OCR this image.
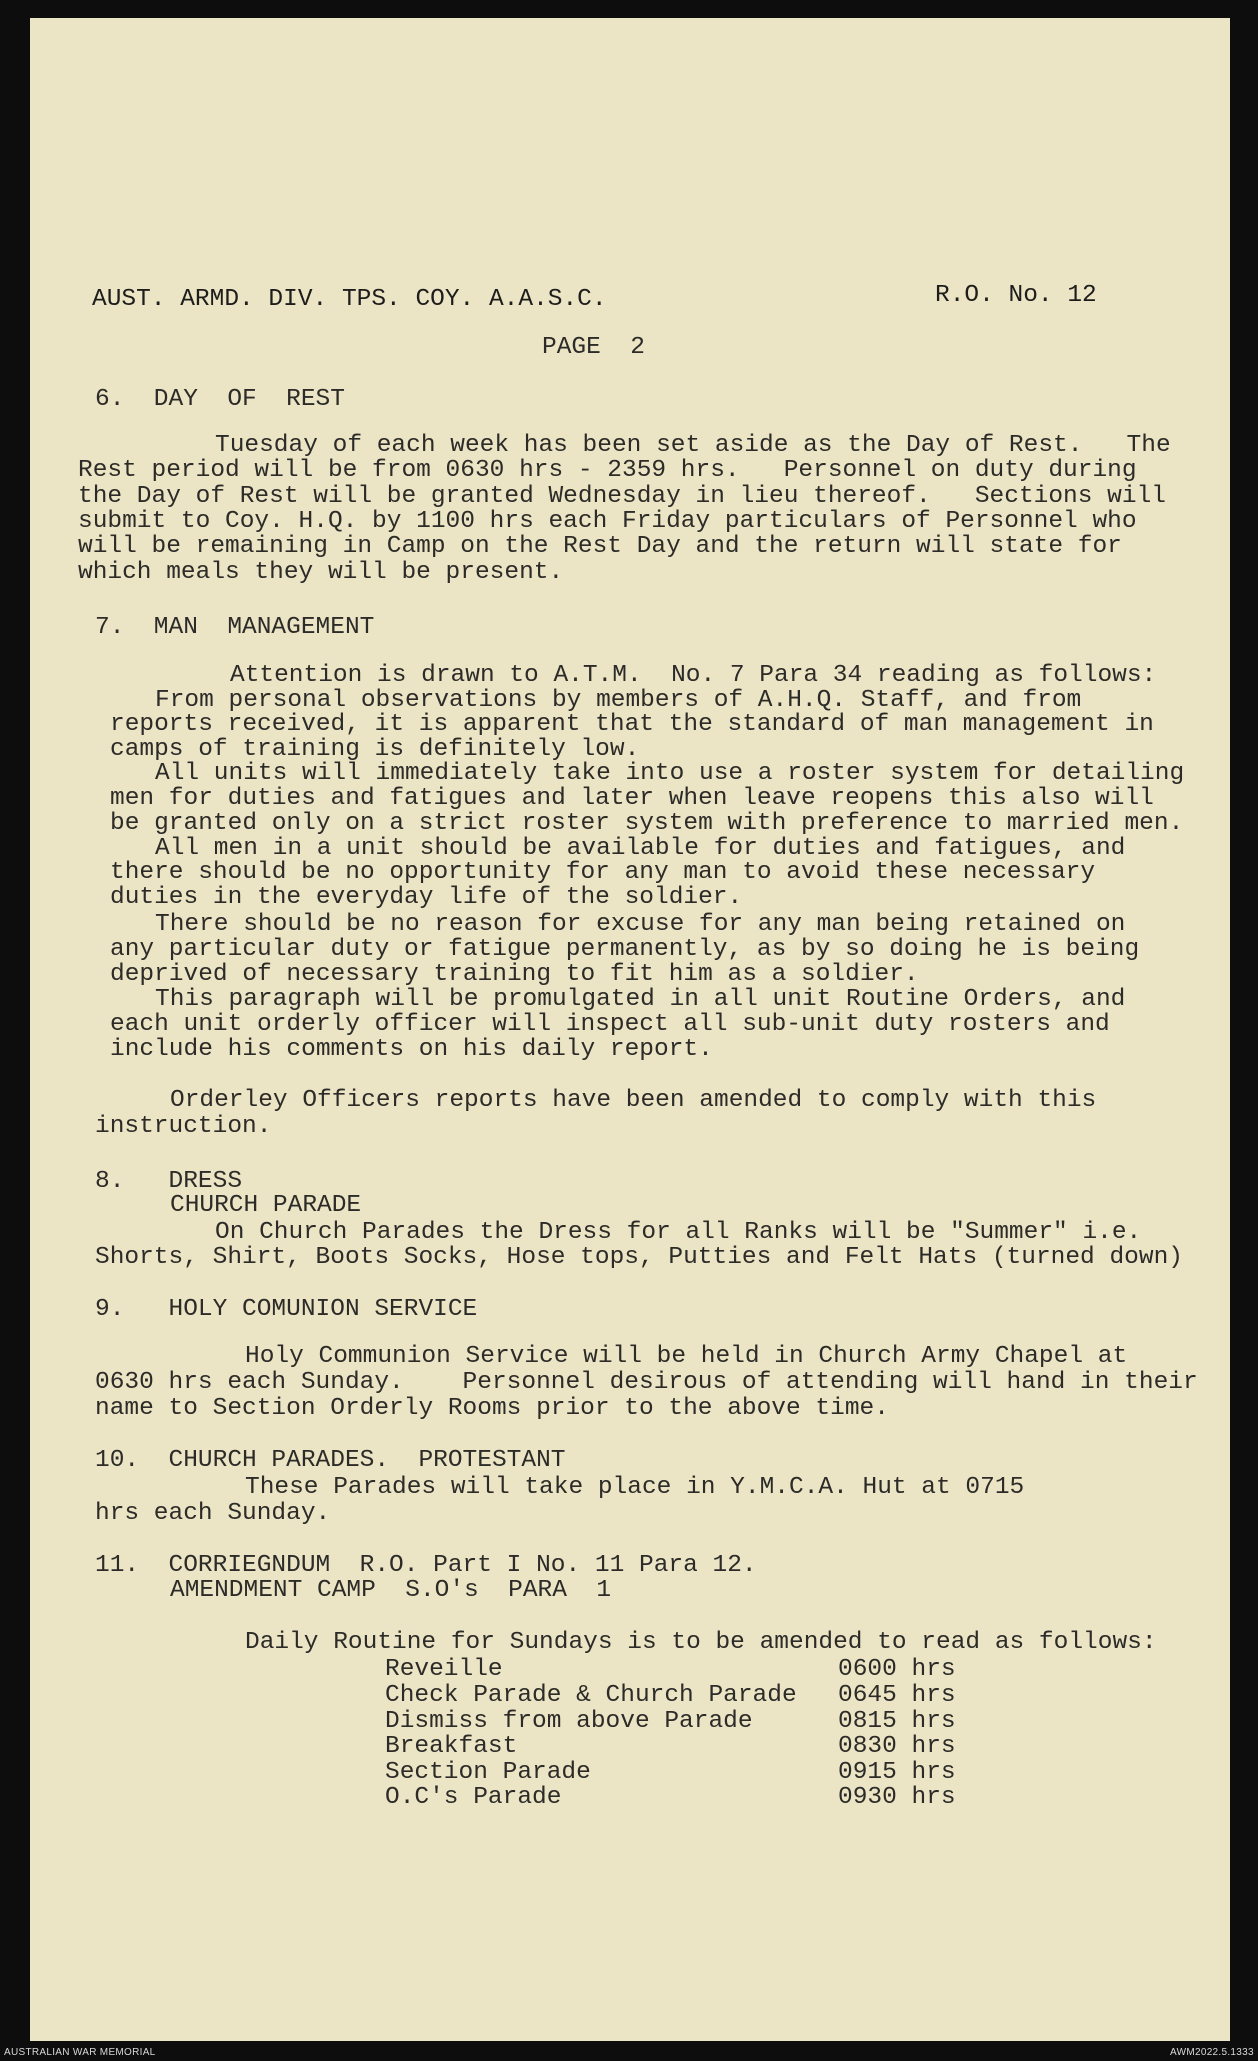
AUST. ARMD. DIV. TPS. COY. A.A.S.C.	R.O. No. 12
PAGE  2
6.  DAY  OF  REST
Tuesday of each week has been set aside as the Day of Rest.   The
Rest period will be from 0630 hrs - 2359 hrs.   Personnel on duty during
the Day of Rest will be granted Wednesday in lieu thereof.   Sections will
submit to Coy. H.Q. by 1100 hrs each Friday particulars of Personnel who
will be remaining in Camp on the Rest Day and the return will state for
which meals they will be present.
7.  MAN  MANAGEMENT
Attention is drawn to A.T.M.  No. 7 Para 34 reading as follows:
From personal observations by members of A.H.Q. Staff, and from
reports received, it is apparent that the standard of man management in
camps of training is definitely low.
All units will immediately take into use a roster system for detailing
men for duties and fatigues and later when leave reopens this also will
be granted only on a strict roster system with preference to married men.
All men in a unit should be available for duties and fatigues, and
there should be no opportunity for any man to avoid these necessary
duties in the everyday life of the soldier.
There should be no reason for excuse for any man being retained on
any particular duty or fatigue permanently, as by so doing he is being
deprived of necessary training to fit him as a soldier.
This paragraph will be promulgated in all unit Routine Orders, and
each unit orderly officer will inspect all sub-unit duty rosters and
include his comments on his daily report.
Orderley Officers reports have been amended to comply with this
instruction.
8.   DRESS
CHURCH PARADE
On Church Parades the Dress for all Ranks will be "Summer" i.e.
Shorts, Shirt, Boots Socks, Hose tops, Putties and Felt Hats (turned down)
9.   HOLY COMUNION SERVICE
Holy Communion Service will be held in Church Army Chapel at
0630 hrs each Sunday.    Personnel desirous of attending will hand in their
name to Section Orderly Rooms prior to the above time.
10.  CHURCH PARADES.  PROTESTANT
These Parades will take place in Y.M.C.A. Hut at 0715
hrs each Sunday.
11.  CORRIEGNDUM  R.O. Part I No. 11 Para 12.
AMENDMENT CAMP  S.O's  PARA  1
Daily Routine for Sundays is to be amended to read as follows:
Reveille	0600 hrs
Check Parade & Church Parade 0645 hrs
Dismiss from above Parade	0815 hrs
Breakfast	0830 hrs
Section Parade	0915 hrs
O.C's Parade	0930 hrs
AUSTRALIAN WAR MEMORIAL	AWM2022.5.1333
